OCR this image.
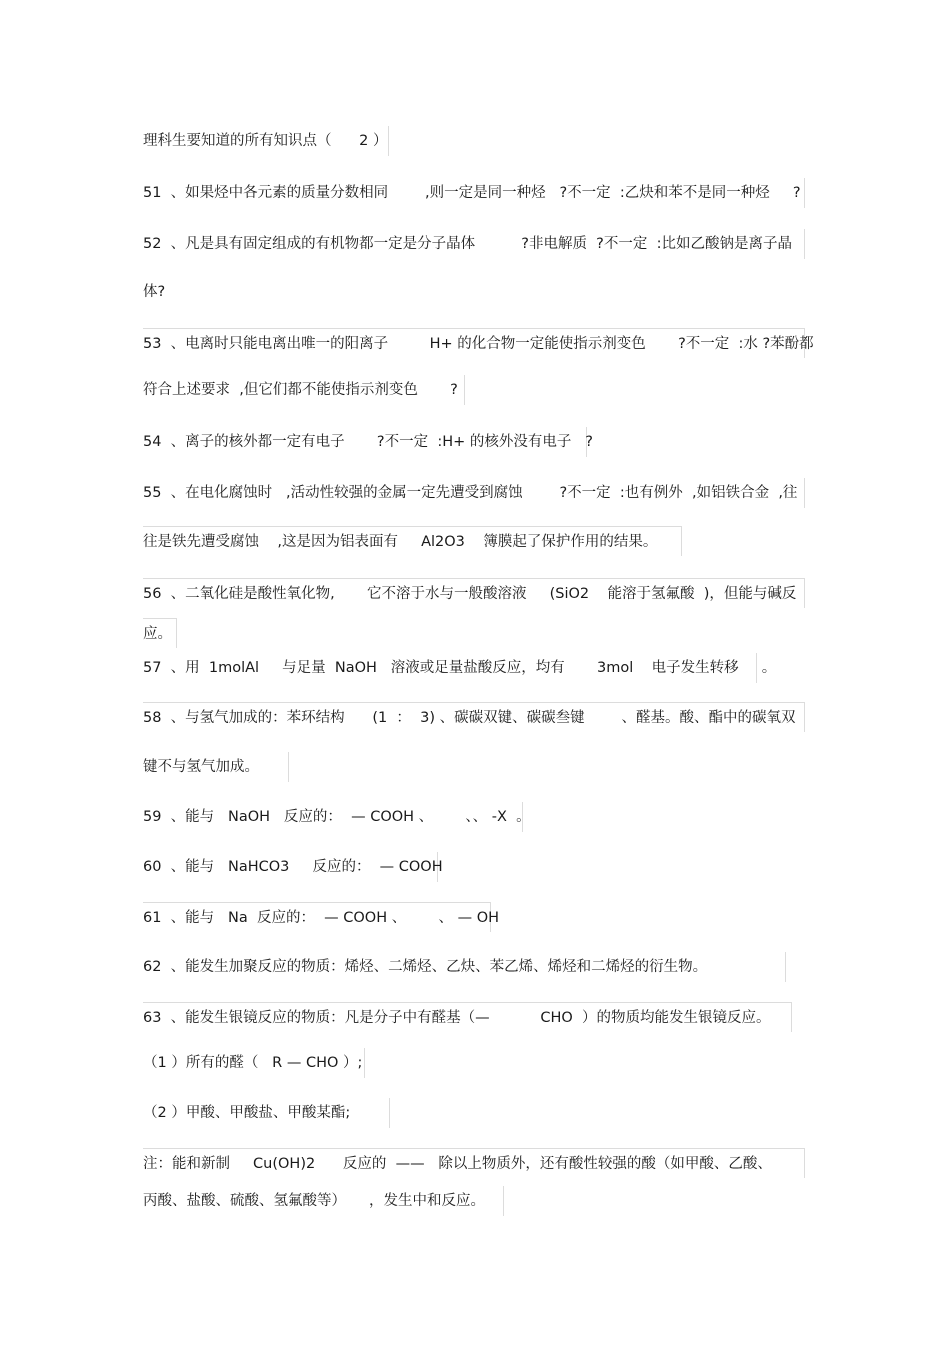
理科生要知道的所有知识点（      2 ）
51  、如果烃中各元素的质量分数相同        ,则一定是同一种烃   ?不一定  :乙炔和苯不是同一种烃     ?
52  、凡是具有固定组成的有机物都一定是分子晶体          ?非电解质  ?不一定  :比如乙酸钠是离子晶
体?
53  、电离时只能电离出唯一的阳离子         H+ 的化合物一定能使指示剂变色       ?不一定  :水 ?苯酚都
符合上述要求  ,但它们都不能使指示剂变色       ?
54  、离子的核外都一定有电子       ?不一定  :H+ 的核外没有电子   ?
55  、在电化腐蚀时   ,活动性较强的金属一定先遭受到腐蚀        ?不一定  :也有例外  ,如铝铁合金  ,往
往是铁先遭受腐蚀    ,这是因为铝表面有     Al2O3    簿膜起了保护作用的结果。
56  、二氧化硅是酸性氧化物,       它不溶于水与一般酸溶液     (SiO2    能溶于氢氟酸  )，但能与碱反
应。
57  、用  1molAl     与足量  NaOH   溶液或足量盐酸反应，均有       3mol    电子发生转移     。
58  、与氢气加成的：苯环结构      (1  ：  3) 、碳碳双键、碳碳叁键        、醛基。酸、酯中的碳氧双
键不与氢气加成。
59  、能与   NaOH   反应的：  — COOH 、       、、 -X  。
60  、能与   NaHCO3     反应的：  — COOH
61  、能与   Na  反应的：  — COOH 、       、 — OH
62  、能发生加聚反应的物质：烯烃、二烯烃、乙炔、苯乙烯、烯烃和二烯烃的衍生物。
63  、能发生银镜反应的物质：凡是分子中有醛基（—           CHO  ）的物质均能发生银镜反应。
（1 ）所有的醛（   R — CHO ）;
（2 ）甲酸、甲酸盐、甲酸某酯;
注：能和新制     Cu(OH)2      反应的  ——   除以上物质外，还有酸性较强的酸（如甲酸、乙酸、
丙酸、盐酸、硫酸、氢氟酸等）     ，发生中和反应。
